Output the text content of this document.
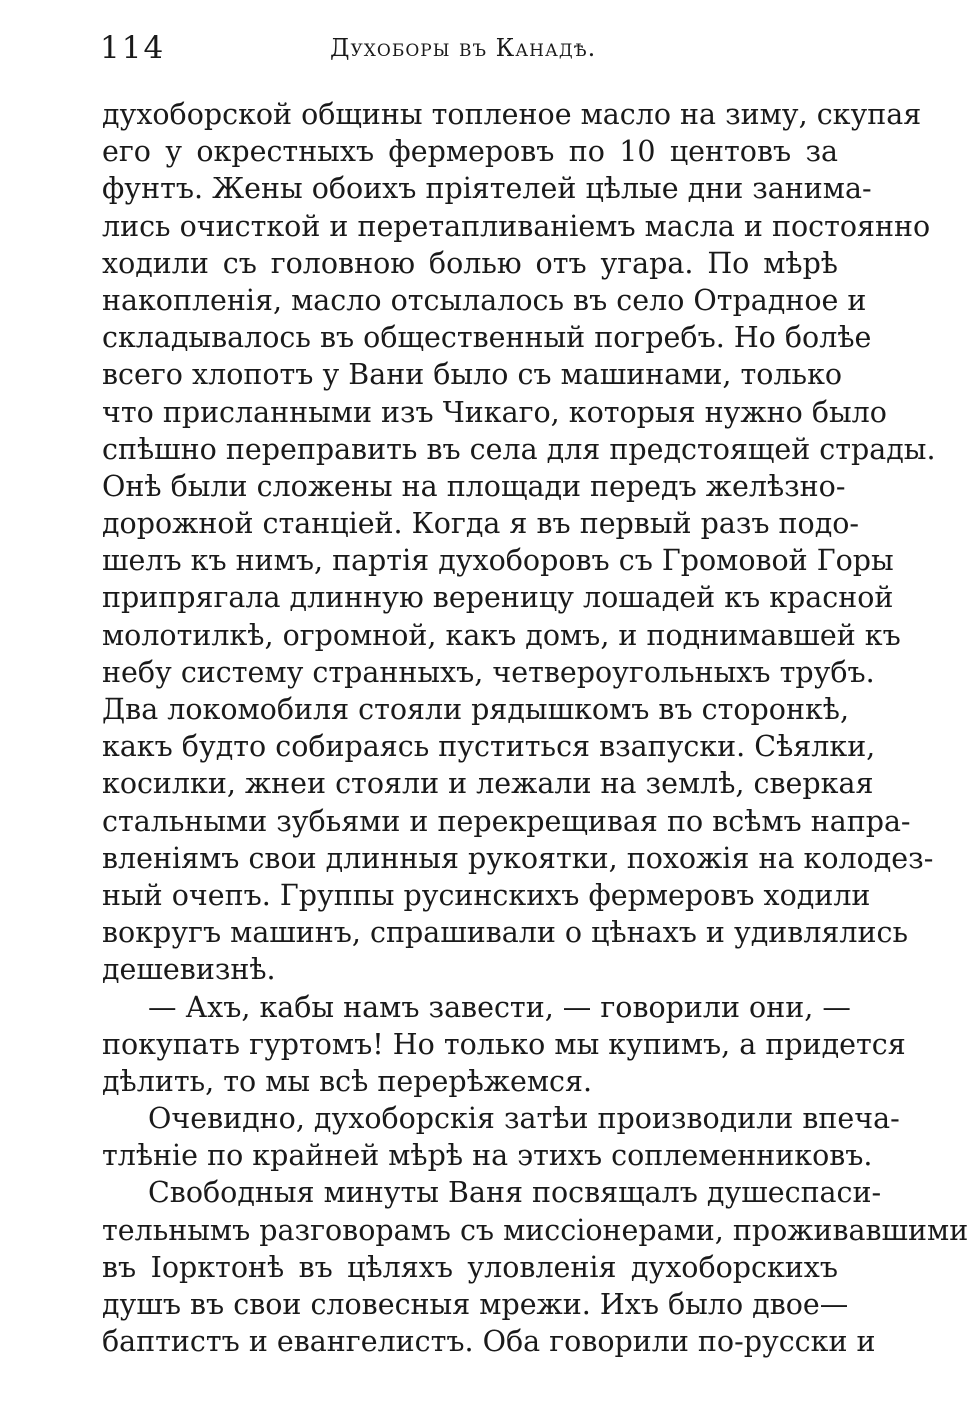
114	Духоборы въ Канадѣ.
духоборской общины топленое масло на зиму, скупая
его у окрестныхъ фермеровъ по 10 центовъ за
фунтъ. Жены обоихъ пріятелей цѣлые дни занима-
лись очисткой и перетапливаніемъ масла и постоянно
ходили съ головною болью отъ угара. По мѣрѣ
накопленія, масло отсылалось въ село Отрадное и
складывалось въ общественный погребъ. Но болѣе
всего хлопотъ у Вани было съ машинами, только
что присланными изъ Чикаго, которыя нужно было
спѣшно переправить въ села для предстоящей страды.
Онѣ были сложены на площади передъ желѣзно-
дорожной станціей. Когда я въ первый разъ подо-
шелъ къ нимъ, партія духоборовъ съ Громовой Горы
припрягала длинную вереницу лошадей къ красной
молотилкѣ, огромной, какъ домъ, и поднимавшей къ
небу систему странныхъ, четвероугольныхъ трубъ.
Два локомобиля стояли рядышкомъ въ сторонкѣ,
какъ будто собираясь пуститься взапуски. Сѣялки,
косилки, жнеи стояли и лежали на землѣ, сверкая
стальными зубьями и перекрещивая по всѣмъ напра-
вленіямъ свои длинныя рукоятки, похожія на колодез-
ный очепъ. Группы русинскихъ фермеровъ ходили
вокругъ машинъ, спрашивали о цѣнахъ и удивлялись
дешевизнѣ.
— Ахъ, кабы намъ завести, — говорили они, —
покупать гуртомъ! Но только мы купимъ, а придется
дѣлить, то мы всѣ перерѣжемся.
Очевидно, духоборскія затѣи производили впеча-
тлѣніе по крайней мѣрѣ на этихъ соплеменниковъ.
Свободныя минуты Ваня посвящалъ душеспаси-
тельнымъ разговорамъ съ миссіонерами, проживавшими
въ Іорктонѣ въ цѣляхъ уловленія духоборскихъ
душъ въ свои словесныя мрежи. Ихъ было двое—
баптистъ и евангелистъ. Оба говорили по-русски и
